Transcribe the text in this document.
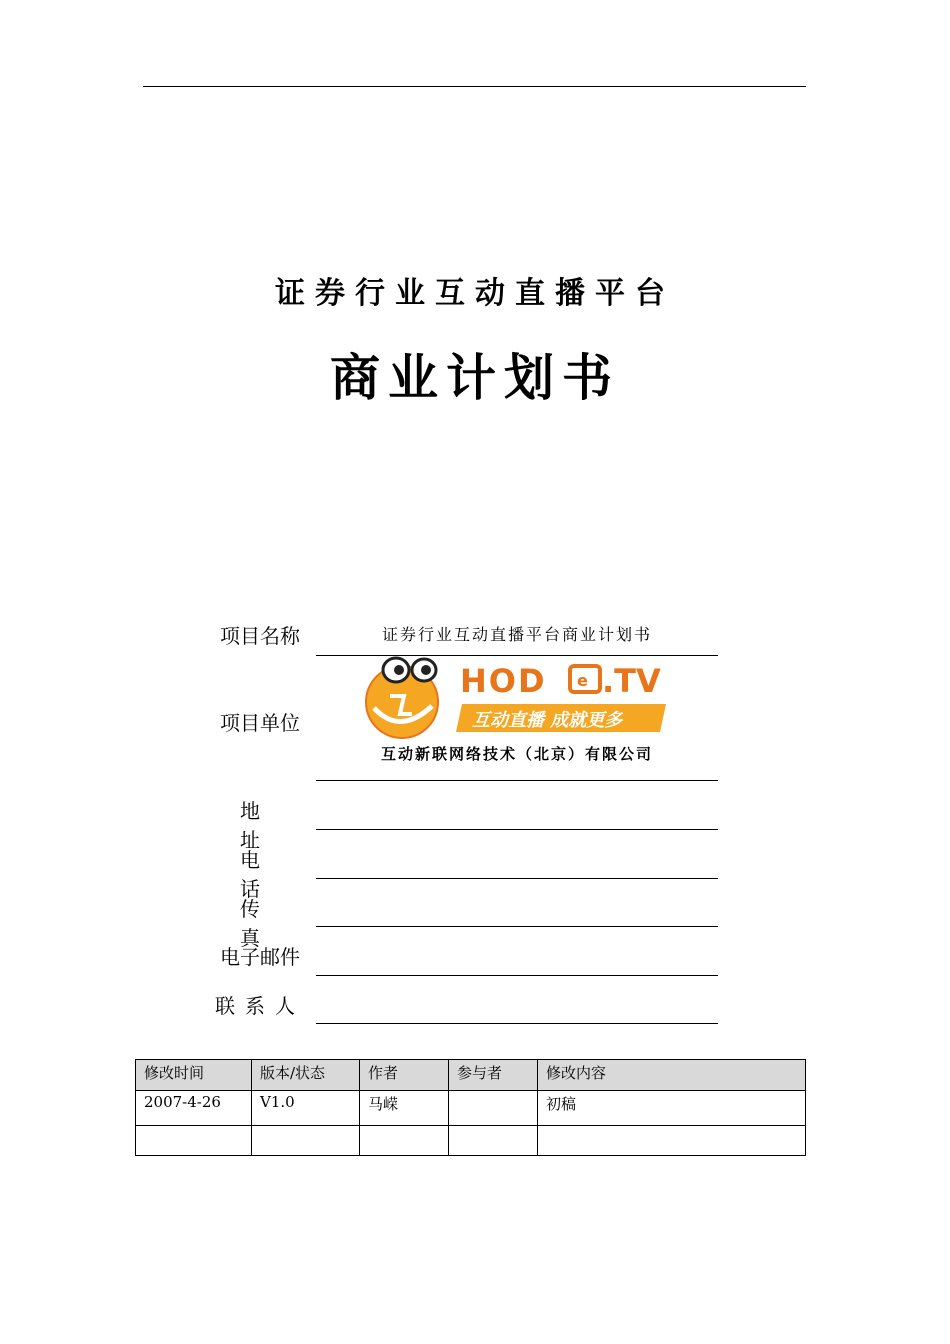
证券行业互动直播平台
商业计划书
项目名称	证券行业互动直播平台商业计划书
项目单位
HOD e .TV
互动直播 成就更多
互动新联网络技术（北京）有限公司
地 址
电 话
传 真
电子邮件
联系人
修改时间	版本/状态	作者	参与者	修改内容
2007-4-26	V1.0	马嵘		初稿
